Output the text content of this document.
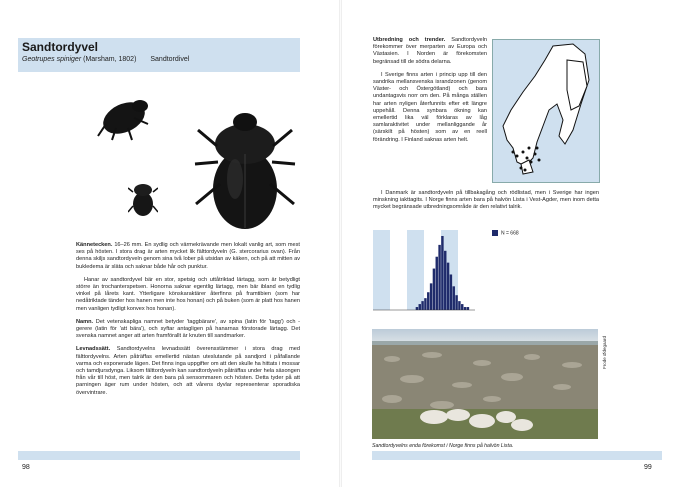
Sandtordyvel
Geotrupes spiniger (Marsham, 1802) Sandtordivel

Kännetecken. 16–26 mm. En sydlig och värmekrävande men lokalt vanlig art, som mest ses på hösten. I stora drag är arten mycket lik fälttordyveln (G. stercorarius ovan). Från denna skiljs sandtordyveln genom sina två lober på utsidan av käken, och på att mitten av bukledema är släta och saknar både hår och punktur.

Hanar av sandtordyvel bär en stor, spetsig och uttåtriktad lärtagg, som är betydligt större än trochanterspetsen. Honorna saknar egentlig lärtagg, men bär ibland en tydlig vinkel på lårets kant. Ytterligare könskaraktärer återfinns på framtibien (som har nedåtriktade tänder hos hanen men inte hos honan) och på buken (som är platt hos hanen men vanligen tydligt konvex hos honan).

Namn. Det vetenskapliga namnet betyder 'taggbärare', av spina (latin för 'tagg') och -gerere (latin för 'att bära'), och syftar antagligen på hanarnas förstorade lärtagg. Det svenska namnet anger att arten framförallt är knuten till sandmarker.

Levnadssätt. Sandtordyvelns levnadssätt överensstämmer i stora drag med fälttordyvelns. Arten påträffas emellertid nästan uteslutande på sandjord i påfallande varma och exponerade lägen. Det finns inga uppgifter om att den skulle ha hittats i mossar och tamdjursdynga. Liksom fälttordyveln kan sandtordyveln påträffas under hela säsongen från vår till höst, men talrik är den bara på sensommaren och hösten. Detta tyder på att parningen äger rum under hösten, och att vårens dyvlar representerar sporadiska övervintrare.

98

Utbredning och trender. Sandtordyveln förekommer över merparten av Europa och Västasien. I Norden är förekomsten begränsad till de södra delarna.

I Sverige finns arten i princip upp till den sandrika mellansvenska israndzonen (genom Väster- och Östergötland) och bara undantagsvis norr om den. På många ställen har arten nyligen återfunnits efter ett längre uppehåll. Denna synbara ökning kan emellertid lika väl förklaras av låg samlaraktivitet under mellanliggande år (särskilt på hösten) som av en reell förändring. I Finland saknas arten helt.

I Danmark är sandtordyveln på tillbakagång och rödlistad, men i Sverige har ingen minskning iakttagits. I Norge finns arten bara på halvön Lista i Vest-Agder, men inom detta mycket begränsade utbredningsområde är den relativt talrik.

N = 668
Frode Ødegaard
Sandtordyvelns enda förekomst i Norge finns på halvön Lista.
99
